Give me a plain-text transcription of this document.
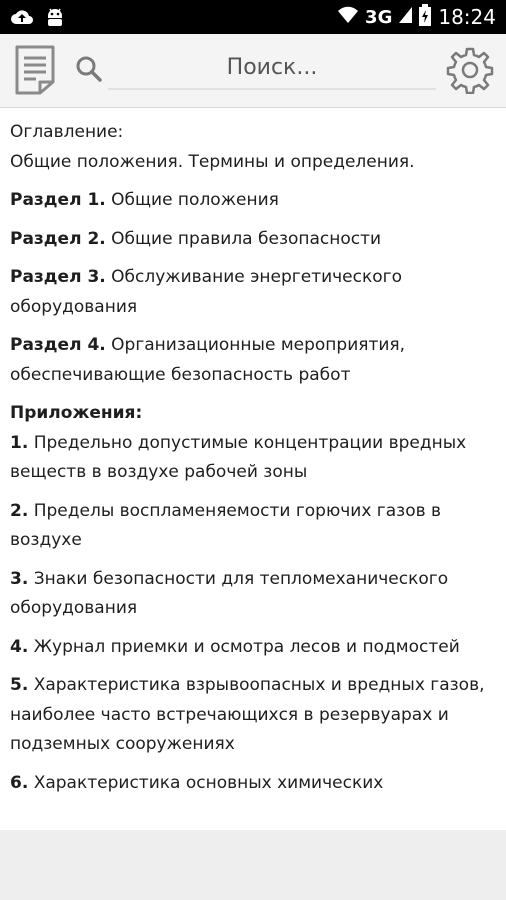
3G 18:24
Поиск...
Оглавление:
Общие положения. Термины и определения.

Раздел 1. Общие положения

Раздел 2. Общие правила безопасности

Раздел 3. Обслуживание энергетического оборудования

Раздел 4. Организационные мероприятия, обеспечивающие безопасность работ

Приложения:
1. Предельно допустимые концентрации вредных веществ в воздухе рабочей зоны

2. Пределы воспламеняемости горючих газов в воздухе

3. Знаки безопасности для тепломеханического оборудования

4. Журнал приемки и осмотра лесов и подмостей

5. Характеристика взрывоопасных и вредных газов, наиболее часто встречающихся в резервуарах и подземных сооружениях

6. Характеристика основных химических
